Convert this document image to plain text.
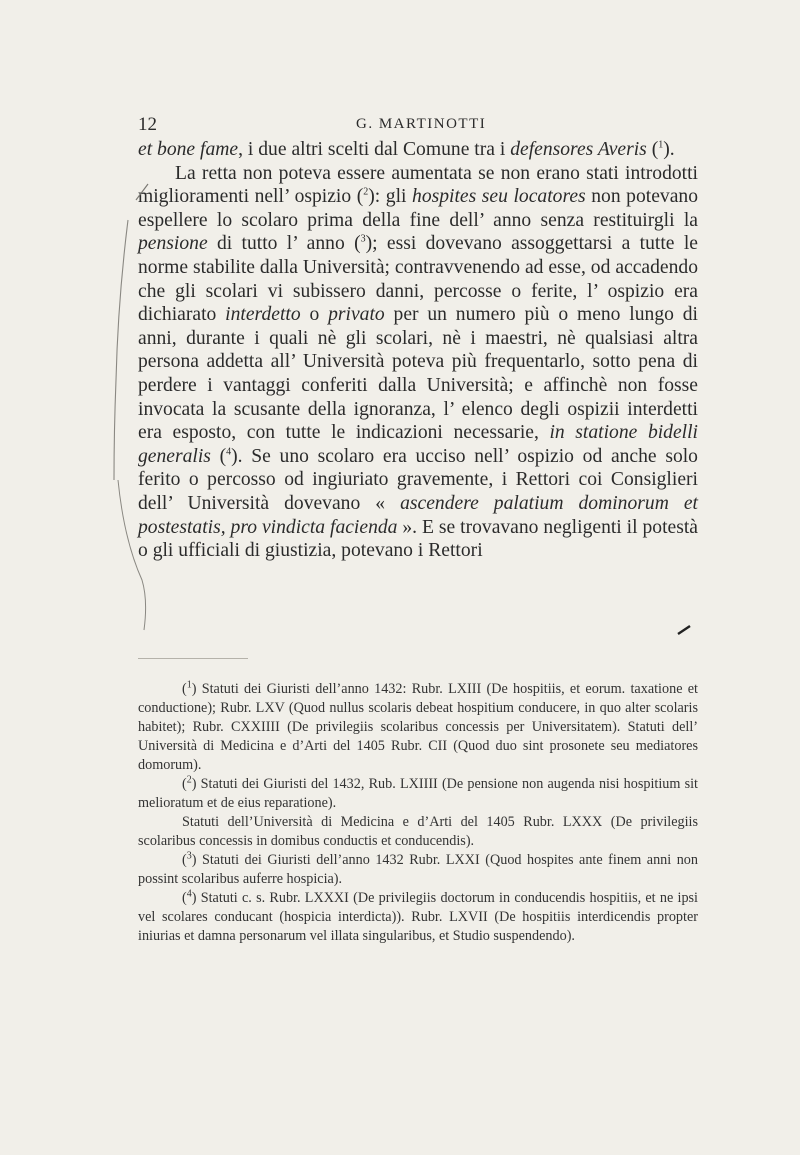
12	G. MARTINOTTI

et bone fame, i due altri scelti dal Comune tra i defensores Averis ($^1$).

La retta non poteva essere aumentata se non erano stati introdotti miglioramenti nell’ ospizio ($^2$): gli hospites seu locatores non potevano espellere lo scolaro prima della fine dell’ anno senza restituirgli la pensione di tutto l’ anno ($^3$); essi dovevano assoggettarsi a tutte le norme stabilite dalla Università; contravvenendo ad esse, od accadendo che gli scolari vi subissero danni, percosse o ferite, l’ ospizio era dichiarato interdetto o privato per un numero più o meno lungo di anni, durante i quali nè gli scolari, nè i maestri, nè qualsiasi altra persona addetta all’ Università poteva più frequentarlo, sotto pena di perdere i vantaggi conferiti dalla Università; e affinchè non fosse invocata la scusante della ignoranza, l’ elenco degli ospizii interdetti era esposto, con tutte le indicazioni necessarie, in statione bidelli generalis ($^4$). Se uno scolaro era ucciso nell’ ospizio od anche solo ferito o percosso od ingiuriato gravemente, i Rettori coi Consiglieri dell’ Università dovevano « ascendere palatium dominorum et postestatis, pro vindicta facienda ». E se trovavano negligenti il potestà o gli ufficiali di giustizia, potevano i Rettori

($^1$) Statuti dei Giuristi dell’anno 1432: Rubr. LXIII (De hospitiis, et eorum. taxatione et conductione); Rubr. LXV (Quod nullus scolaris debeat hospitium conducere, in quo alter scolaris habitet); Rubr. CXXIIII (De privilegiis scolaribus concessis per Universitatem). Statuti dell’ Università di Medicina e d’Arti del 1405 Rubr. CII (Quod duo sint prosonete seu mediatores domorum).

($^2$) Statuti dei Giuristi del 1432, Rub. LXIIII (De pensione non augenda nisi hospitium sit melioratum et de eius reparatione).

Statuti dell’Università di Medicina e d’Arti del 1405 Rubr. LXXX (De privilegiis scolaribus concessis in domibus conductis et conducendis).

($^3$) Statuti dei Giuristi dell’anno 1432 Rubr. LXXI (Quod hospites ante finem anni non possint scolaribus auferre hospicia).

($^4$) Statuti c. s. Rubr. LXXXI (De privilegiis doctorum in conducendis hospitiis, et ne ipsi vel scolares conducant (hospicia interdicta)). Rubr. LXVII (De hospitiis interdicendis propter iniurias et damna personarum vel illata singularibus, et Studio suspendendo).
